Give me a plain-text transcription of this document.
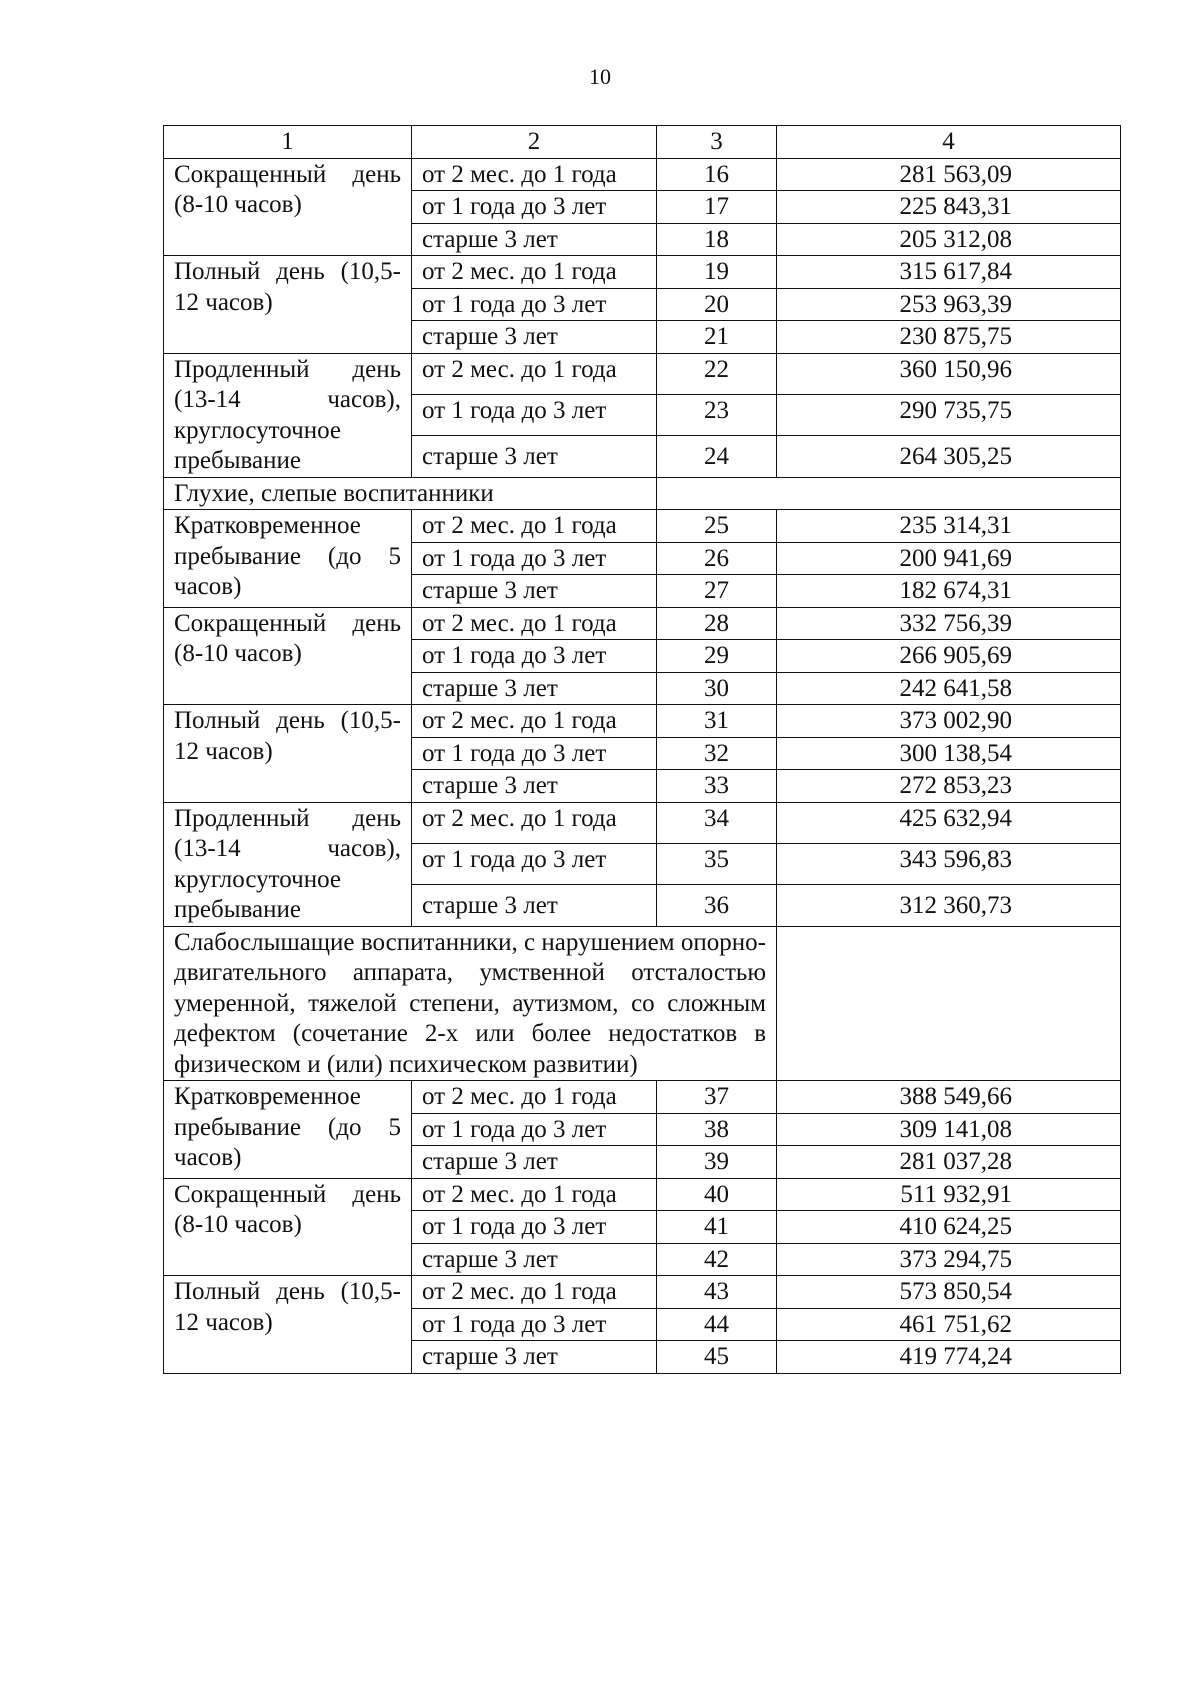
10
1	2	3	4
Сокращенный день (8-10 часов)	от 2 мес. до 1 года	16	281 563,09
	от 1 года до 3 лет	17	225 843,31
	старше 3 лет	18	205 312,08
Полный день (10,5-12 часов)	от 2 мес. до 1 года	19	315 617,84
	от 1 года до 3 лет	20	253 963,39
	старше 3 лет	21	230 875,75
Продленный день (13-14 часов), круглосуточное пребывание	от 2 мес. до 1 года	22	360 150,96
	от 1 года до 3 лет	23	290 735,75
	старше 3 лет	24	264 305,25
Глухие, слепые воспитанники			
Кратковременное пребывание (до 5 часов)	от 2 мес. до 1 года	25	235 314,31
	от 1 года до 3 лет	26	200 941,69
	старше 3 лет	27	182 674,31
Сокращенный день (8-10 часов)	от 2 мес. до 1 года	28	332 756,39
	от 1 года до 3 лет	29	266 905,69
	старше 3 лет	30	242 641,58
Полный день (10,5-12 часов)	от 2 мес. до 1 года	31	373 002,90
	от 1 года до 3 лет	32	300 138,54
	старше 3 лет	33	272 853,23
Продленный день (13-14 часов), круглосуточное пребывание	от 2 мес. до 1 года	34	425 632,94
	от 1 года до 3 лет	35	343 596,83
	старше 3 лет	36	312 360,73
Слабослышащие воспитанники, с нарушением опорно-двигательного аппарата, умственной отсталостью умеренной, тяжелой степени, аутизмом, со сложным дефектом (сочетание 2-х или более недостатков в физическом и (или) психическом развитии)			
Кратковременное пребывание (до 5 часов)	от 2 мес. до 1 года	37	388 549,66
	от 1 года до 3 лет	38	309 141,08
	старше 3 лет	39	281 037,28
Сокращенный день (8-10 часов)	от 2 мес. до 1 года	40	511 932,91
	от 1 года до 3 лет	41	410 624,25
	старше 3 лет	42	373 294,75
Полный день (10,5-12 часов)	от 2 мес. до 1 года	43	573 850,54
	от 1 года до 3 лет	44	461 751,62
	старше 3 лет	45	419 774,24
